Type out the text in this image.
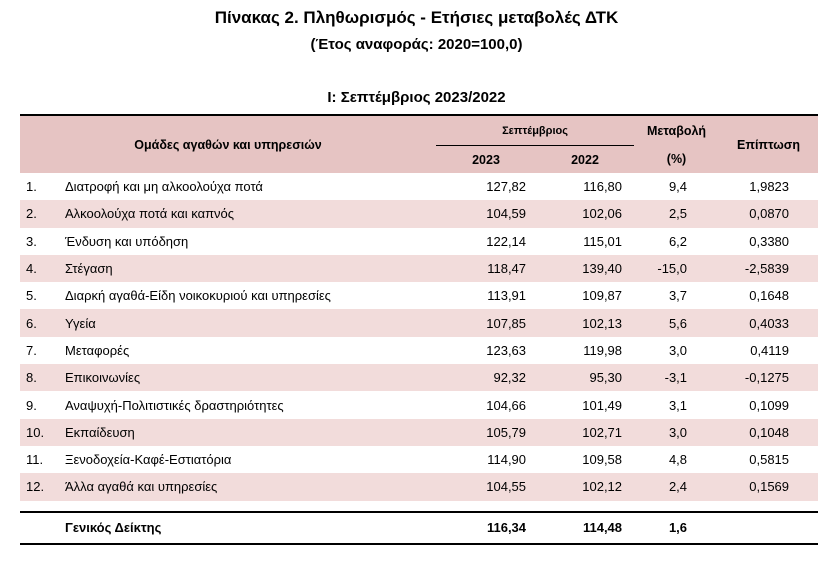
Πίνακας 2. Πληθωρισμός - Ετήσιες μεταβολές ΔΤΚ
(Έτος αναφοράς: 2020=100,0)
I: Σεπτέμβριος 2023/2022
Ομάδες αγαθών και υπηρεσιών		Σεπτέμβριος		Μεταβολή	Επίπτωση
		2023	2022	(%)	
1.	Διατροφή και μη αλκοολούχα ποτά	127,82	116,80	9,4	1,9823
2.	Αλκοολούχα ποτά και καπνός	104,59	102,06	2,5	0,0870
3.	Ένδυση και υπόδηση	122,14	115,01	6,2	0,3380
4.	Στέγαση	118,47	139,40	-15,0	-2,5839
5.	Διαρκή αγαθά-Είδη νοικοκυριού και υπηρεσίες	113,91	109,87	3,7	0,1648
6.	Υγεία	107,85	102,13	5,6	0,4033
7.	Μεταφορές	123,63	119,98	3,0	0,4119
8.	Επικοινωνίες	92,32	95,30	-3,1	-0,1275
9.	Αναψυχή-Πολιτιστικές δραστηριότητες	104,66	101,49	3,1	0,1099
10.	Εκπαίδευση	105,79	102,71	3,0	0,1048
11.	Ξενοδοχεία-Καφέ-Εστιατόρια	114,90	109,58	4,8	0,5815
12.	Άλλα αγαθά και υπηρεσίες	104,55	102,12	2,4	0,1569

	Γενικός Δείκτης	116,34	114,48	1,6	
